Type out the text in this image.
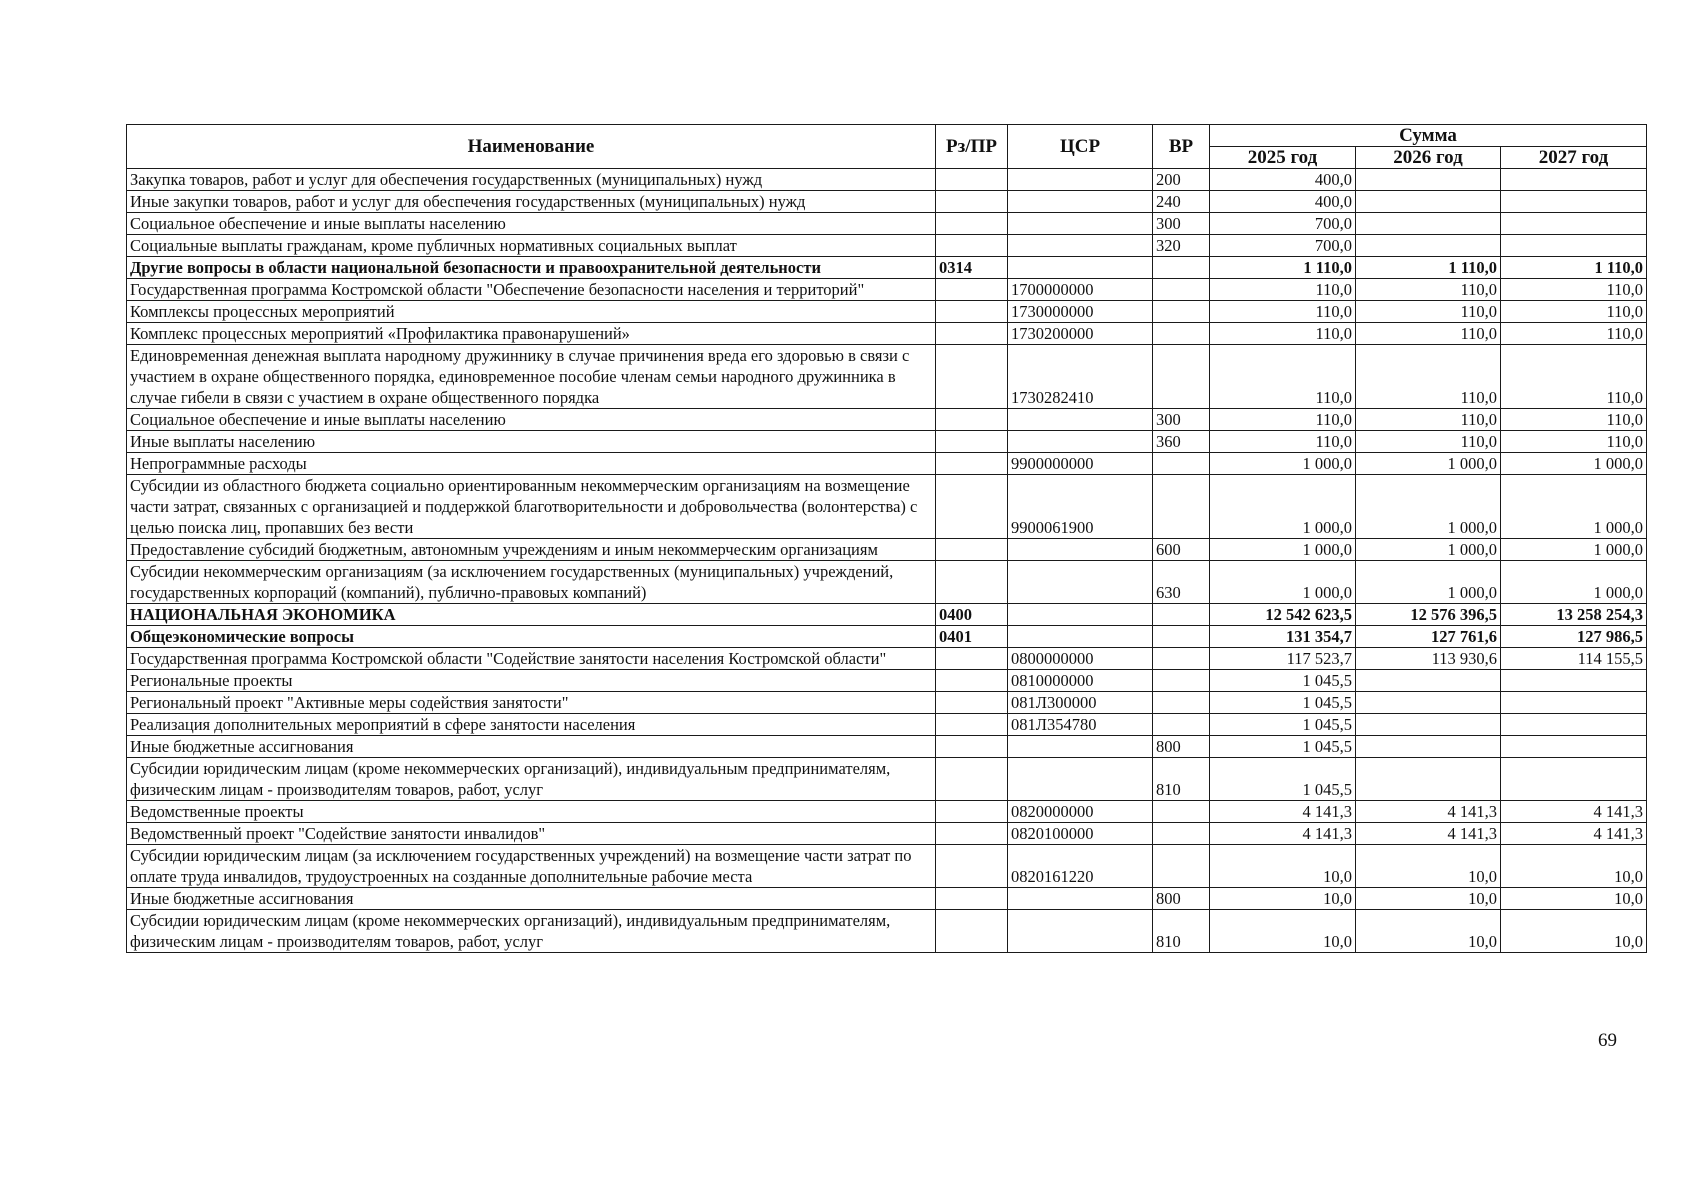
Наименование	Рз/ПР	ЦСР	ВР	Сумма		
				2025 год	2026 год	2027 год
Закупка товаров, работ и услуг для обеспечения государственных (муниципальных) нужд			200	400,0		
Иные закупки товаров, работ и услуг для обеспечения государственных (муниципальных) нужд			240	400,0		
Социальное обеспечение и иные выплаты населению			300	700,0		
Социальные выплаты гражданам, кроме публичных нормативных социальных выплат			320	700,0		
Другие вопросы в области национальной безопасности и правоохранительной деятельности	0314			1 110,0	1 110,0	1 110,0
Государственная программа Костромской области "Обеспечение безопасности населения и территорий"		1700000000		110,0	110,0	110,0
Комплексы процессных мероприятий		1730000000		110,0	110,0	110,0
Комплекс процессных мероприятий «Профилактика правонарушений»		1730200000		110,0	110,0	110,0
Единовременная денежная выплата народному дружиннику в случае причинения вреда его здоровью в связи с участием в охране общественного порядка, единовременное пособие членам семьи народного дружинника в случае гибели в связи с участием в охране общественного порядка		1730282410		110,0	110,0	110,0
Социальное обеспечение и иные выплаты населению			300	110,0	110,0	110,0
Иные выплаты населению			360	110,0	110,0	110,0
Непрограммные расходы		9900000000		1 000,0	1 000,0	1 000,0
Субсидии из областного бюджета социально ориентированным некоммерческим организациям на возмещение части затрат, связанных с организацией и поддержкой благотворительности и добровольчества (волонтерства) с целью поиска лиц, пропавших без вести		9900061900		1 000,0	1 000,0	1 000,0
Предоставление субсидий бюджетным, автономным учреждениям и иным некоммерческим организациям			600	1 000,0	1 000,0	1 000,0
Субсидии некоммерческим организациям (за исключением государственных (муниципальных) учреждений, государственных корпораций (компаний), публично-правовых компаний)			630	1 000,0	1 000,0	1 000,0
НАЦИОНАЛЬНАЯ ЭКОНОМИКА	0400			12 542 623,5	12 576 396,5	13 258 254,3
Общеэкономические вопросы	0401			131 354,7	127 761,6	127 986,5
Государственная программа Костромской области "Содействие занятости населения Костромской области"		0800000000		117 523,7	113 930,6	114 155,5
Региональные проекты		0810000000		1 045,5		
Региональный проект "Активные меры содействия занятости"		081Л300000		1 045,5		
Реализация дополнительных мероприятий в сфере занятости населения		081Л354780		1 045,5		
Иные бюджетные ассигнования			800	1 045,5		
Субсидии юридическим лицам (кроме некоммерческих организаций), индивидуальным предпринимателям, физическим лицам - производителям товаров, работ, услуг			810	1 045,5		
Ведомственные проекты		0820000000		4 141,3	4 141,3	4 141,3
Ведомственный проект "Содействие занятости инвалидов"		0820100000		4 141,3	4 141,3	4 141,3
Субсидии юридическим лицам (за исключением государственных учреждений) на возмещение части затрат по оплате труда инвалидов, трудоустроенных на созданные дополнительные рабочие места		0820161220		10,0	10,0	10,0
Иные бюджетные ассигнования			800	10,0	10,0	10,0
Субсидии юридическим лицам (кроме некоммерческих организаций), индивидуальным предпринимателям, физическим лицам - производителям товаров, работ, услуг			810	10,0	10,0	10,0
69
